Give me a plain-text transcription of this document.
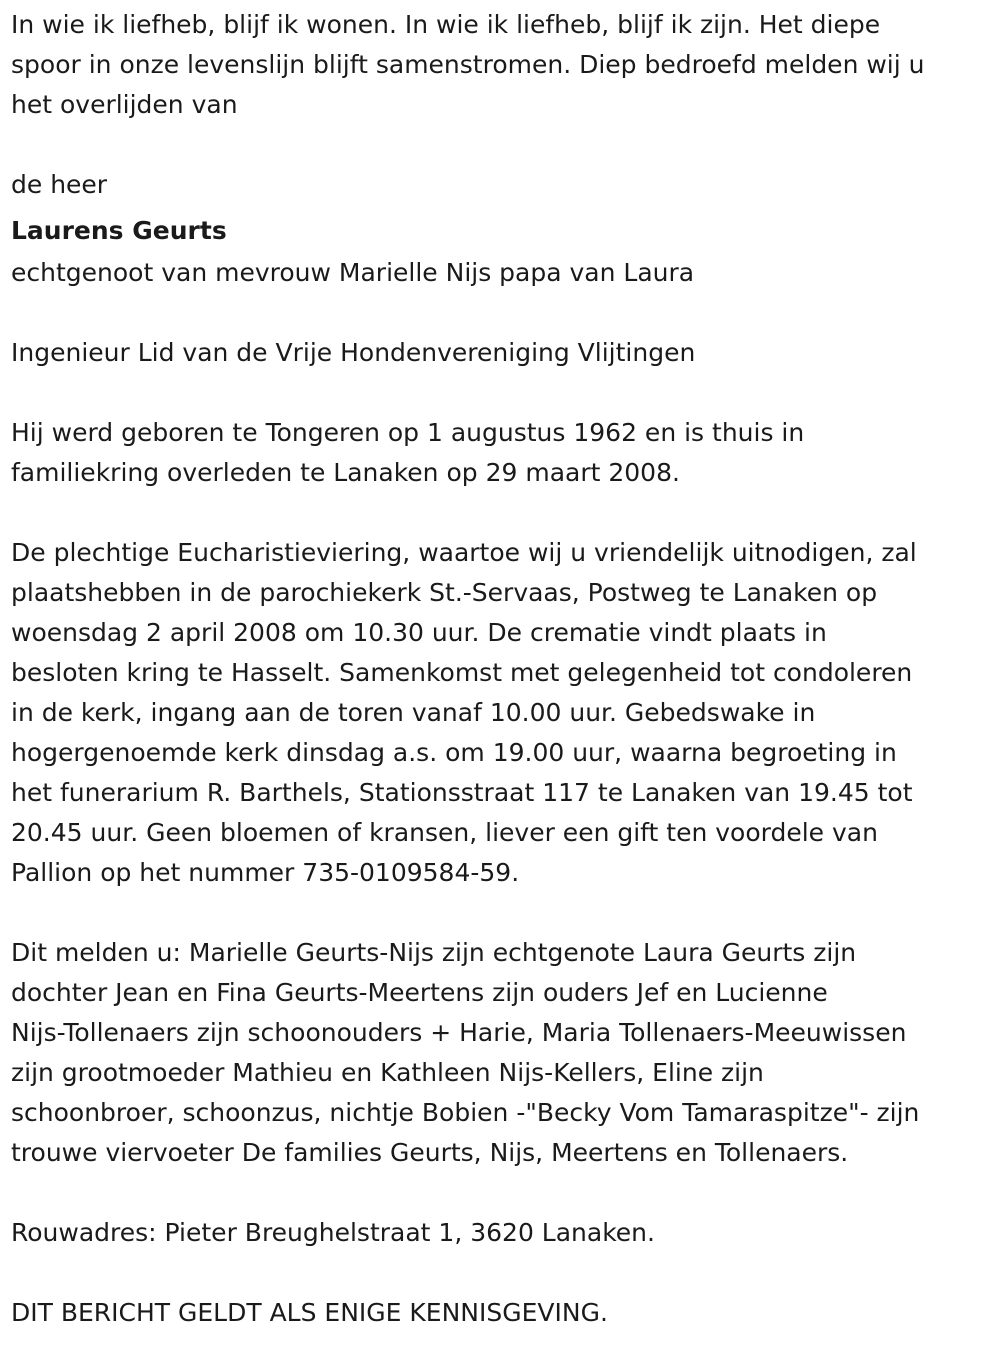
In wie ik liefheb, blijf ik wonen. In wie ik liefheb, blijf ik zijn. Het diepe
spoor in onze levenslijn blijft samenstromen. Diep bedroefd melden wij u
het overlijden van
de heer
Laurens Geurts
echtgenoot van mevrouw Marielle Nijs papa van Laura
Ingenieur Lid van de Vrije Hondenvereniging Vlijtingen
Hij werd geboren te Tongeren op 1 augustus 1962 en is thuis in
familiekring overleden te Lanaken op 29 maart 2008.
De plechtige Eucharistieviering, waartoe wij u vriendelijk uitnodigen, zal
plaatshebben in de parochiekerk St.-Servaas, Postweg te Lanaken op
woensdag 2 april 2008 om 10.30 uur. De crematie vindt plaats in
besloten kring te Hasselt. Samenkomst met gelegenheid tot condoleren
in de kerk, ingang aan de toren vanaf 10.00 uur. Gebedswake in
hogergenoemde kerk dinsdag a.s. om 19.00 uur, waarna begroeting in
het funerarium R. Barthels, Stationsstraat 117 te Lanaken van 19.45 tot
20.45 uur. Geen bloemen of kransen, liever een gift ten voordele van
Pallion op het nummer 735-0109584-59.
Dit melden u: Marielle Geurts-Nijs zijn echtgenote Laura Geurts zijn
dochter Jean en Fina Geurts-Meertens zijn ouders Jef en Lucienne
Nijs-Tollenaers zijn schoonouders + Harie, Maria Tollenaers-Meeuwissen
zijn grootmoeder Mathieu en Kathleen Nijs-Kellers, Eline zijn
schoonbroer, schoonzus, nichtje Bobien -"Becky Vom Tamaraspitze"- zijn
trouwe viervoeter De families Geurts, Nijs, Meertens en Tollenaers.
Rouwadres: Pieter Breughelstraat 1, 3620 Lanaken.
DIT BERICHT GELDT ALS ENIGE KENNISGEVING.
